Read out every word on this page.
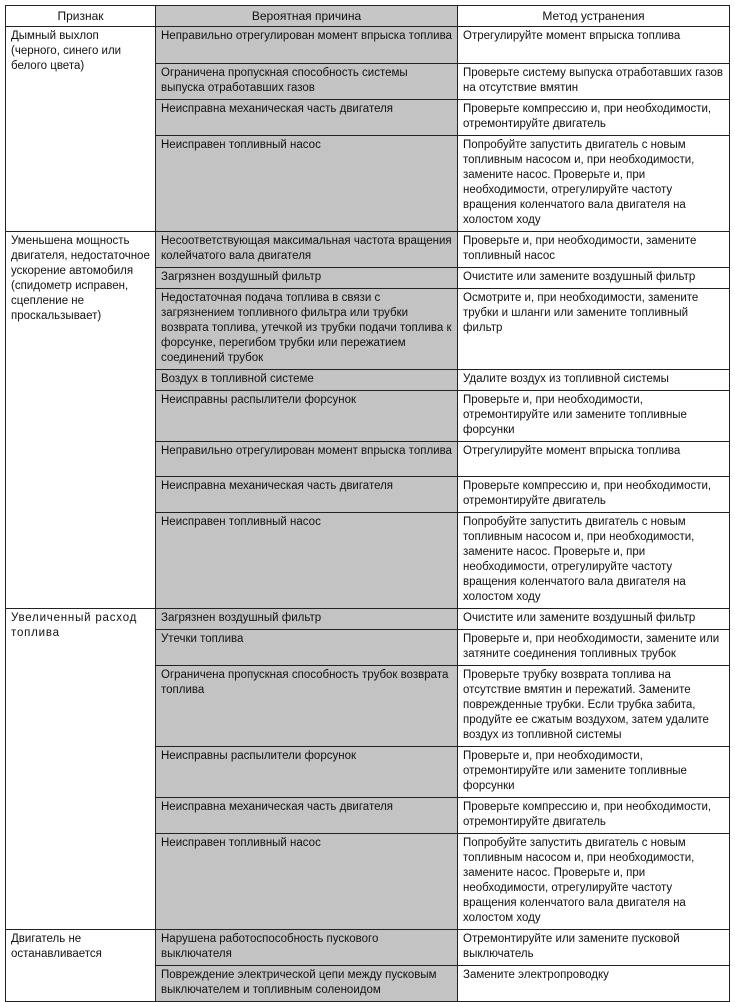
Признак	Вероятная причина	Метод устранения
Дымный выхлоп (черного, синего или белого цвета)	Неправильно отрегулирован момент впрыска топлива	Отрегулируйте момент впрыска топлива
	Ограничена пропускная способность системы выпуска отработавших газов	Проверьте систему выпуска отработавших газов на отсутствие вмятин
	Неисправна механическая часть двигателя	Проверьте компрессию и, при необходимости, отремонтируйте двигатель
	Неисправен топливный насос	Попробуйте запустить двигатель с новым топливным насосом и, при необходимости, замените насос. Проверьте и, при необходимости, отрегулируйте частоту вращения коленчатого вала двигателя на холостом ходу
Уменьшена мощность двигателя, недостаточное ускорение автомобиля (спидометр исправен, сцепление не проскальзывает)	Несоответствующая максимальная частота вращения колейчатого вала двигателя	Проверьте и, при необходимости, замените топливный насос
	Загрязнен воздушный фильтр	Очистите или замените воздушный фильтр
	Недостаточная подача топлива в связи с загрязнением топливного фильтра или трубки возврата топлива, утечкой из трубки подачи топлива к форсунке, перегибом трубки или пережатием соединений трубок	Осмотрите и, при необходимости, замените трубки и шланги или замените топливный фильтр
	Воздух в топливной системе	Удалите воздух из топливной системы
	Неисправны распылители форсунок	Проверьте и, при необходимости, отремонтируйте или замените топливные форсунки
	Неправильно отрегулирован момент впрыска топлива	Отрегулируйте момент впрыска топлива
	Неисправна механическая часть двигателя	Проверьте компрессию и, при необходимости, отремонтируйте двигатель
	Неисправен топливный насос	Попробуйте запустить двигатель с новым топливным насосом и, при необходимости, замените насос. Проверьте и, при необходимости, отрегулируйте частоту вращения коленчатого вала двигателя на холостом ходу
Увеличенный расход топлива	Загрязнен воздушный фильтр	Очистите или замените воздушный фильтр
	Утечки топлива	Проверьте и, при необходимости, замените или затяните соединения топливных трубок
	Ограничена пропускная способность трубок возврата топлива	Проверьте трубку возврата топлива на отсутствие вмятин и пережатий. Замените поврежденные трубки. Если трубка забита, продуйте ее сжатым воздухом, затем удалите воздух из топливной системы
	Неисправны распылители форсунок	Проверьте и, при необходимости, отремонтируйте или замените топливные форсунки
	Неисправна механическая часть двигателя	Проверьте компрессию и, при необходимости, отремонтируйте двигатель
	Неисправен топливный насос	Попробуйте запустить двигатель с новым топливным насосом и, при необходимости, замените насос. Проверьте и, при необходимости, отрегулируйте частоту вращения коленчатого вала двигателя на холостом ходу
Двигатель не останавливается	Нарушена работоспособность пускового выключателя	Отремонтируйте или замените пусковой выключатель
	Повреждение электрической цепи между пусковым выключателем и топливным соленоидом	Замените электропроводку
